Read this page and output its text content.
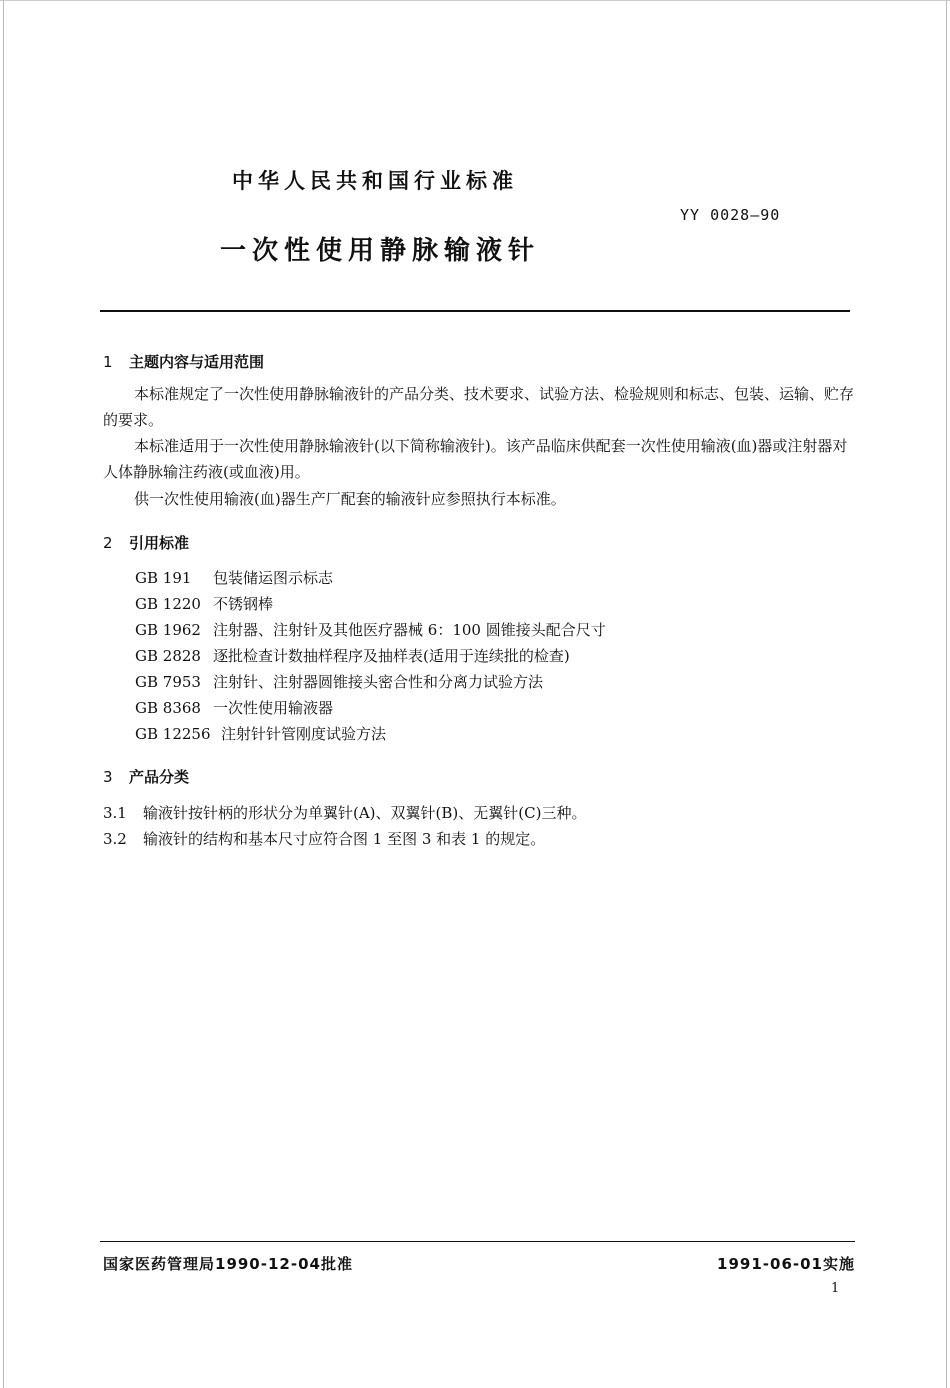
中华人民共和国行业标准
YY 0028—90
一次性使用静脉输液针
1 主题内容与适用范围
本标准规定了一次性使用静脉输液针的产品分类、技术要求、试验方法、检验规则和标志、包装、运输、贮存的要求。
本标准适用于一次性使用静脉输液针(以下简称输液针)。该产品临床供配套一次性使用输液(血)器或注射器对人体静脉输注药液(或血液)用。
供一次性使用输液(血)器生产厂配套的输液针应参照执行本标准。
2 引用标准
GB 191 包装储运图示标志
GB 1220 不锈钢棒
GB 1962 注射器、注射针及其他医疗器械 6：100 圆锥接头配合尺寸
GB 2828 逐批检查计数抽样程序及抽样表(适用于连续批的检查)
GB 7953 注射针、注射器圆锥接头密合性和分离力试验方法
GB 8368 一次性使用输液器
GB 12256 注射针针管刚度试验方法
3 产品分类
3.1 输液针按针柄的形状分为单翼针(A)、双翼针(B)、无翼针(C)三种。
3.2 输液针的结构和基本尺寸应符合图 1 至图 3 和表 1 的规定。
国家医药管理局1990-12-04批准	1991-06-01实施
1
